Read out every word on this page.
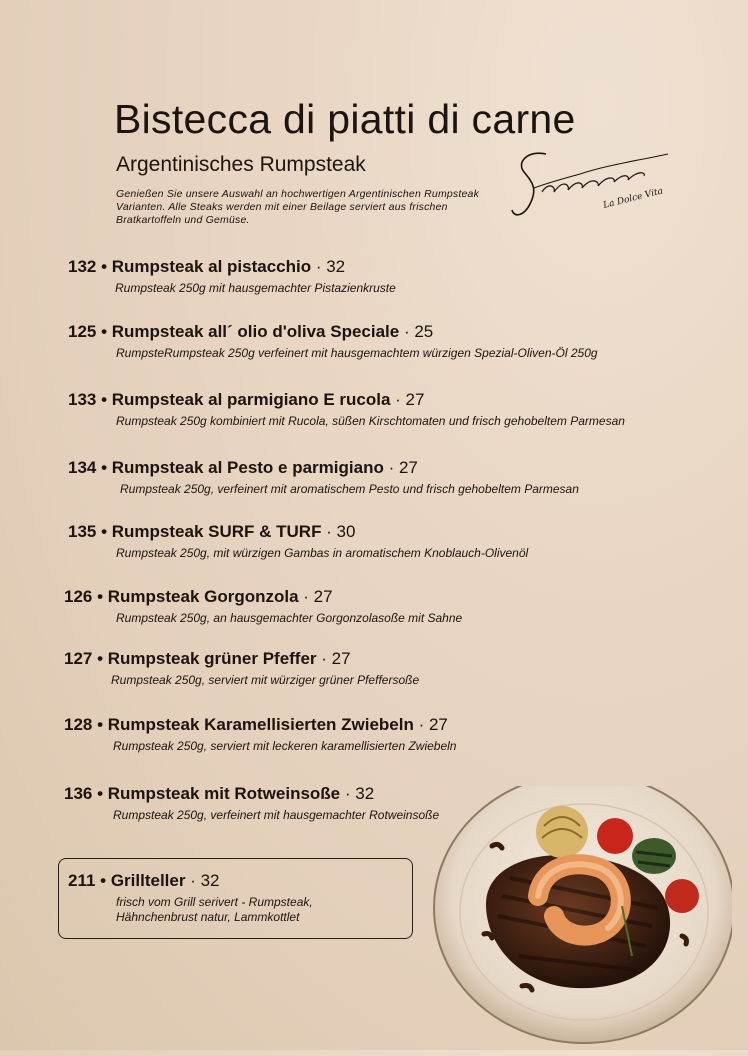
Bistecca di piatti di carne
Argentinisches Rumpsteak
Genießen Sie unsere Auswahl an hochwertigen Argentinischen Rumpsteak
Varianten. Alle Steaks werden mit einer Beilage serviert aus frischen
Bratkartoffeln und Gemüse.
La Dolce Vita
132 • Rumpsteak al pistacchio · 32
Rumpsteak 250g mit hausgemachter Pistazienkruste
125 • Rumpsteak all´ olio d'oliva Speciale · 25
RumpsteRumpsteak 250g verfeinert mit hausgemachtem würzigen Spezial-Oliven-Öl 250g
133 • Rumpsteak al parmigiano E rucola · 27
Rumpsteak 250g kombiniert mit Rucola, süßen Kirschtomaten und frisch gehobeltem Parmesan
134 • Rumpsteak al Pesto e parmigiano · 27
Rumpsteak 250g, verfeinert mit aromatischem Pesto und frisch gehobeltem Parmesan
135 • Rumpsteak SURF & TURF · 30
Rumpsteak 250g, mit würzigen Gambas in aromatischem Knoblauch-Olivenöl
126 • Rumpsteak Gorgonzola · 27
Rumpsteak 250g, an hausgemachter Gorgonzolasoße mit Sahne
127 • Rumpsteak grüner Pfeffer · 27
Rumpsteak 250g, serviert mit würziger grüner Pfeffersoße
128 • Rumpsteak Karamellisierten Zwiebeln · 27
Rumpsteak 250g, serviert mit leckeren karamellisierten Zwiebeln
136 • Rumpsteak mit Rotweinsoße · 32
Rumpsteak 250g, verfeinert mit hausgemachter Rotweinsoße
211 • Grillteller · 32
frisch vom Grill serivert - Rumpsteak,
Hähnchenbrust natur, Lammkottlet
